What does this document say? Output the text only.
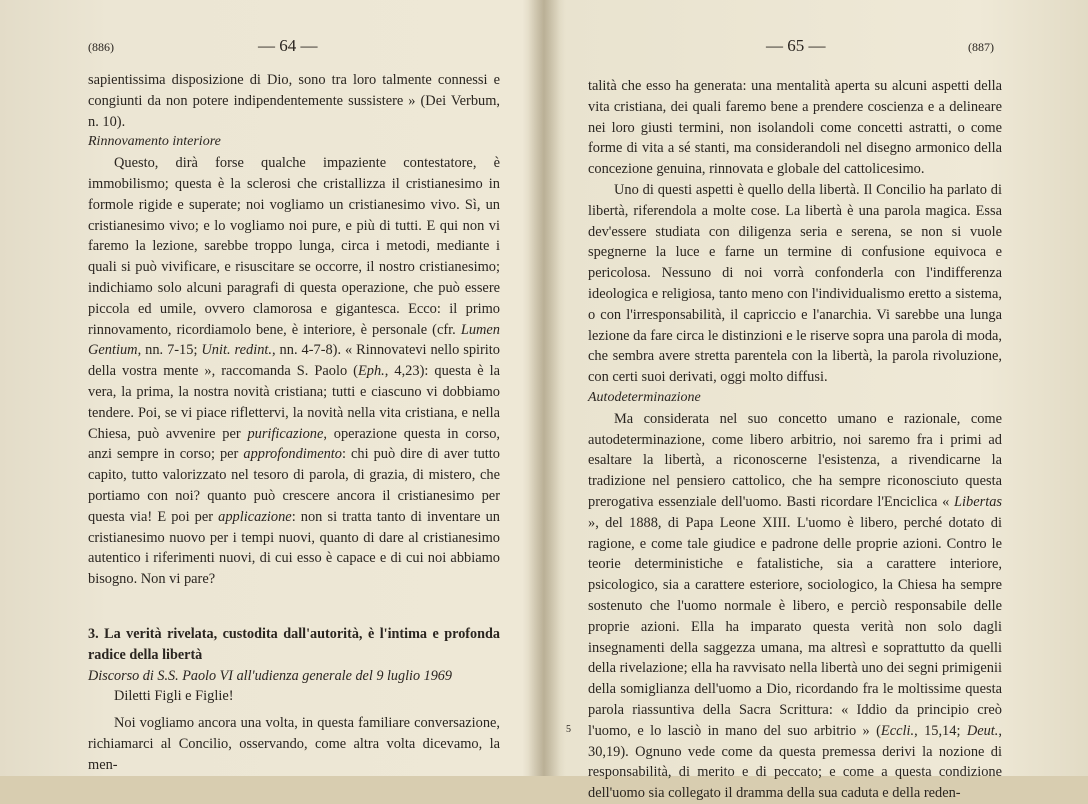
(886)	— 64 —

sapientissima disposizione di Dio, sono tra loro talmente connessi e congiunti da non potere indipendentemente sussistere » (Dei Verbum, n. 10).

Rinnovamento interiore

Questo, dirà forse qualche impaziente contestatore, è immobilismo; questa è la sclerosi che cristallizza il cristianesimo in formole rigide e superate; noi vogliamo un cristianesimo vivo. Sì, un cristianesimo vivo; e lo vogliamo noi pure, e più di tutti. E qui non vi faremo la lezione, sarebbe troppo lunga, circa i metodi, mediante i quali si può vivificare, e risuscitare se occorre, il nostro cristianesimo; indichiamo solo alcuni paragrafi di questa operazione, che può essere piccola ed umile, ovvero clamorosa e gigantesca. Ecco: il primo rinnovamento, ricordiamolo bene, è interiore, è personale (cfr. Lumen Gentium, nn. 7-15; Unit. redint., nn. 4-7-8). « Rinnovatevi nello spirito della vostra mente », raccomanda S. Paolo (Eph., 4,23): questa è la vera, la prima, la nostra novità cristiana; tutti e ciascuno vi dobbiamo tendere. Poi, se vi piace riflettervi, la novità nella vita cristiana, e nella Chiesa, può avvenire per purificazione, operazione questa in corso, anzi sempre in corso; per approfondimento: chi può dire di aver tutto capito, tutto valorizzato nel tesoro di parola, di grazia, di mistero, che portiamo con noi? quanto può crescere ancora il cristianesimo per questa via! E poi per applicazione: non si tratta tanto di inventare un cristianesimo nuovo per i tempi nuovi, quanto di dare al cristianesimo autentico i riferimenti nuovi, di cui esso è capace e di cui noi abbiamo bisogno. Non vi pare?

3. La verità rivelata, custodita dall'autorità, è l'intima e profonda radice della libertà

Discorso di S.S. Paolo VI all'udienza generale del 9 luglio 1969

Diletti Figli e Figlie!

Noi vogliamo ancora una volta, in questa familiare conversazione, richiamarci al Concilio, osservando, come altra volta dicevamo, la men-

— 65 —	(887)

talità che esso ha generata: una mentalità aperta su alcuni aspetti della vita cristiana, dei quali faremo bene a prendere coscienza e a delineare nei loro giusti termini, non isolandoli come concetti astratti, o come forme di vita a sé stanti, ma considerandoli nel disegno armonico della concezione genuina, rinnovata e globale del cattolicesimo.

Uno di questi aspetti è quello della libertà. Il Concilio ha parlato di libertà, riferendola a molte cose. La libertà è una parola magica. Essa dev'essere studiata con diligenza seria e serena, se non si vuole spegnerne la luce e farne un termine di confusione equivoca e pericolosa. Nessuno di noi vorrà confonderla con l'indifferenza ideologica e religiosa, tanto meno con l'individualismo eretto a sistema, o con l'irresponsabilità, il capriccio e l'anarchia. Vi sarebbe una lunga lezione da fare circa le distinzioni e le riserve sopra una parola di moda, che sembra avere stretta parentela con la libertà, la parola rivoluzione, con certi suoi derivati, oggi molto diffusi.

Autodeterminazione

Ma considerata nel suo concetto umano e razionale, come autodeterminazione, come libero arbitrio, noi saremo fra i primi ad esaltare la libertà, a riconoscerne l'esistenza, a rivendicarne la tradizione nel pensiero cattolico, che ha sempre riconosciuto questa prerogativa essenziale dell'uomo. Basti ricordare l'Enciclica « Libertas », del 1888, di Papa Leone XIII. L'uomo è libero, perché dotato di ragione, e come tale giudice e padrone delle proprie azioni. Contro le teorie deterministiche e fatalistiche, sia a carattere interiore, psicologico, sia a carattere esteriore, sociologico, la Chiesa ha sempre sostenuto che l'uomo normale è libero, e perciò responsabile delle proprie azioni. Ella ha imparato questa verità non solo dagli insegnamenti della saggezza umana, ma altresì e soprattutto da quelli della rivelazione; ella ha ravvisato nella libertà uno dei segni primigenii della somiglianza dell'uomo a Dio, ricordando fra le moltissime questa parola riassuntiva della Sacra Scrittura: « Iddio da principio creò l'uomo, e lo lasciò in mano del suo arbitrio » (Eccli., 15,14; Deut., 30,19). Ognuno vede come da questa premessa derivi la nozione di responsabilità, di merito e di peccato; e come a questa condizione dell'uomo sia collegato il dramma della sua caduta e della reden-

5
